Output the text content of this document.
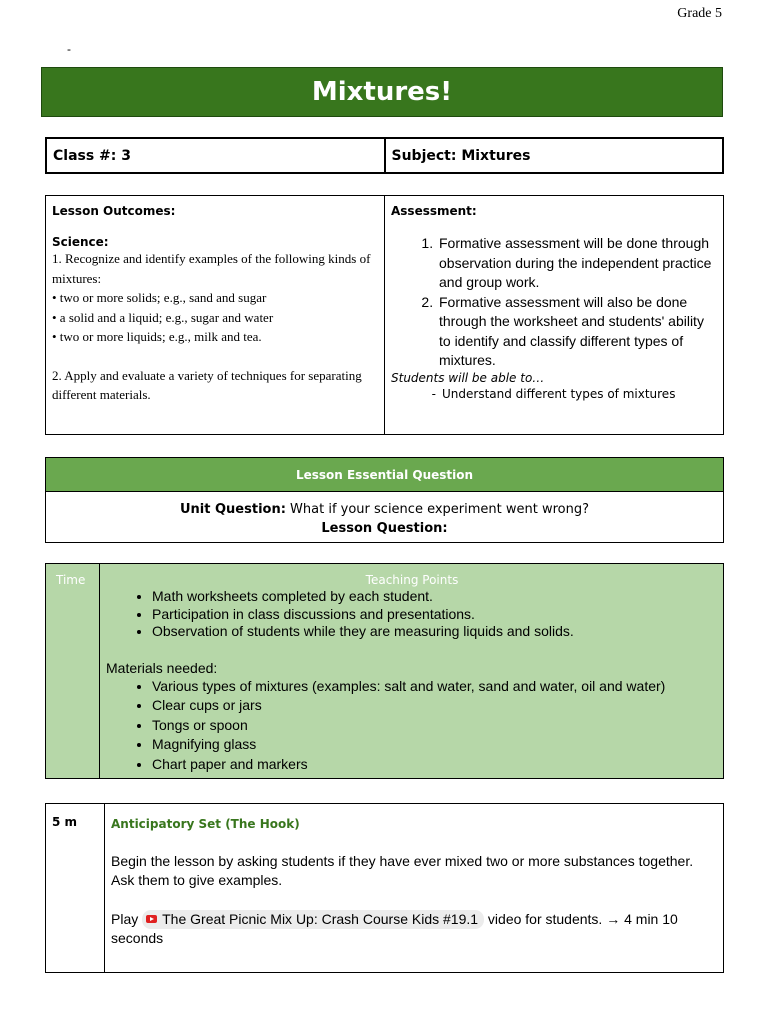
Grade 5
-
Mixtures!
Class #: 3	Subject: Mixtures
Lesson Outcomes:
Science:
1. Recognize and identify examples of the following kinds of mixtures:
• two or more solids; e.g., sand and sugar
• a solid and a liquid; e.g., sugar and water
• two or more liquids; e.g., milk and tea.
2. Apply and evaluate a variety of techniques for separating different materials.

Assessment:
1. Formative assessment will be done through observation during the independent practice and group work.
2. Formative assessment will also be done through the worksheet and students' ability to identify and classify different types of mixtures.
Students will be able to…
- Understand different types of mixtures
Lesson Essential Question

Unit Question: What if your science experiment went wrong?
Lesson Question:
Time	Teaching Points
• Math worksheets completed by each student.
• Participation in class discussions and presentations.
• Observation of students while they are measuring liquids and solids.
Materials needed:
• Various types of mixtures (examples: salt and water, sand and water, oil and water)
• Clear cups or jars
• Tongs or spoon
• Magnifying glass
• Chart paper and markers
5 m	Anticipatory Set (The Hook)
Begin the lesson by asking students if they have ever mixed two or more substances together. Ask them to give examples.
Play The Great Picnic Mix Up: Crash Course Kids #19.1 video for students. → 4 min 10 seconds
